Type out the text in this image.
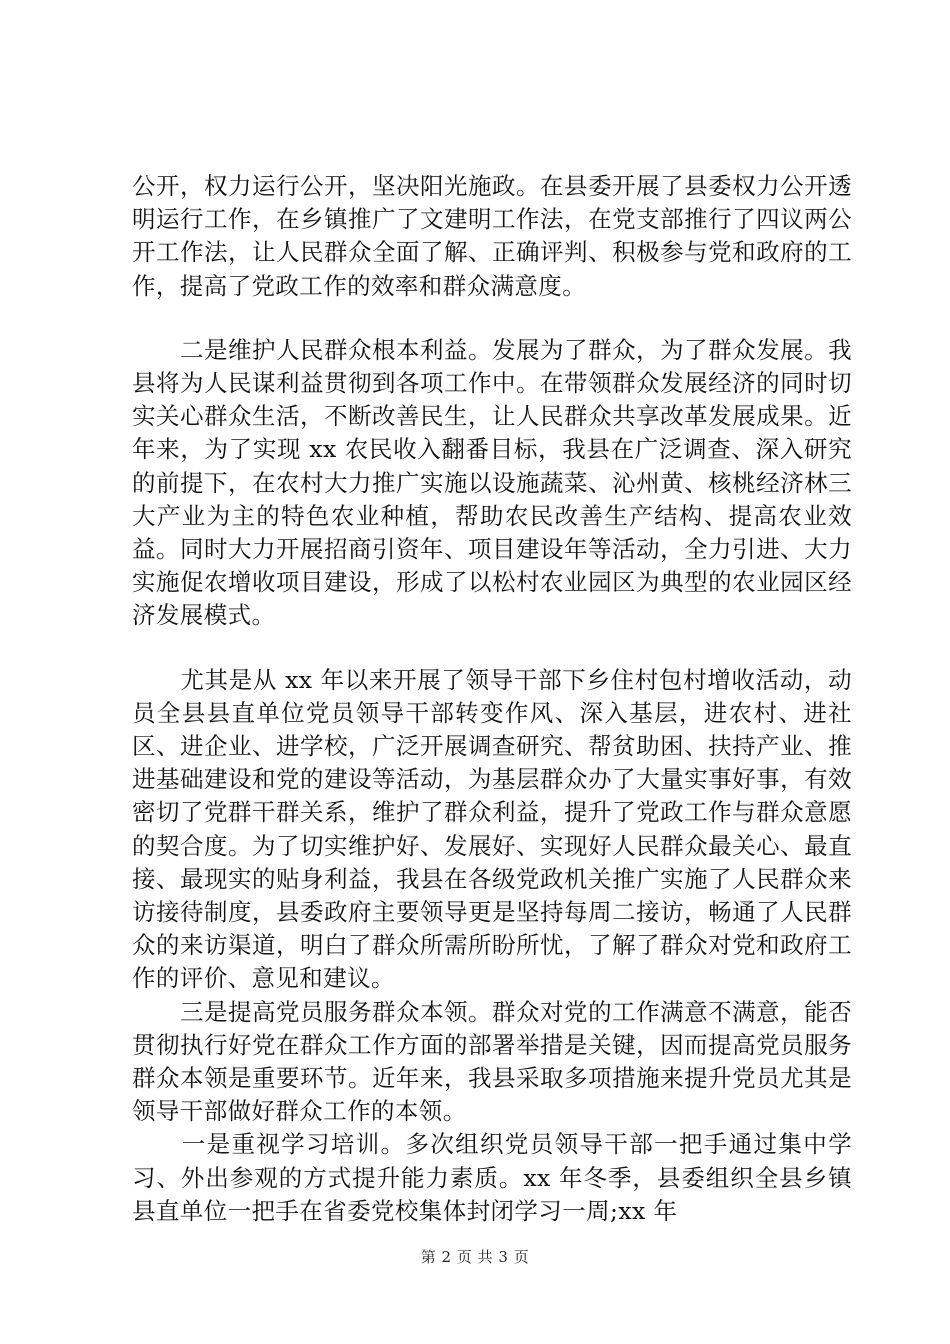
公开，权力运行公开，坚决阳光施政。在县委开展了县委权力公开透明运行工作，在乡镇推广了文建明工作法，在党支部推行了四议两公开工作法，让人民群众全面了解、正确评判、积极参与党和政府的工作，提高了党政工作的效率和群众满意度。

　　二是维护人民群众根本利益。发展为了群众，为了群众发展。我县将为人民谋利益贯彻到各项工作中。在带领群众发展经济的同时切实关心群众生活，不断改善民生，让人民群众共享改革发展成果。近年来，为了实现 xx 农民收入翻番目标，我县在广泛调查、深入研究的前提下，在农村大力推广实施以设施蔬菜、沁州黄、核桃经济林三大产业为主的特色农业种植，帮助农民改善生产结构、提高农业效益。同时大力开展招商引资年、项目建设年等活动，全力引进、大力实施促农增收项目建设，形成了以松村农业园区为典型的农业园区经济发展模式。

　　尤其是从 xx 年以来开展了领导干部下乡住村包村增收活动，动员全县县直单位党员领导干部转变作风、深入基层，进农村、进社区、进企业、进学校，广泛开展调查研究、帮贫助困、扶持产业、推进基础建设和党的建设等活动，为基层群众办了大量实事好事，有效密切了党群干群关系，维护了群众利益，提升了党政工作与群众意愿的契合度。为了切实维护好、发展好、实现好人民群众最关心、最直接、最现实的贴身利益，我县在各级党政机关推广实施了人民群众来访接待制度，县委政府主要领导更是坚持每周二接访，畅通了人民群众的来访渠道，明白了群众所需所盼所忧，了解了群众对党和政府工作的评价、意见和建议。

　　三是提高党员服务群众本领。群众对党的工作满意不满意，能否贯彻执行好党在群众工作方面的部署举措是关键，因而提高党员服务群众本领是重要环节。近年来，我县采取多项措施来提升党员尤其是领导干部做好群众工作的本领。

　　一是重视学习培训。多次组织党员领导干部一把手通过集中学习、外出参观的方式提升能力素质。xx 年冬季，县委组织全县乡镇县直单位一把手在省委党校集体封闭学习一周;xx 年

第 2 页 共 3 页
